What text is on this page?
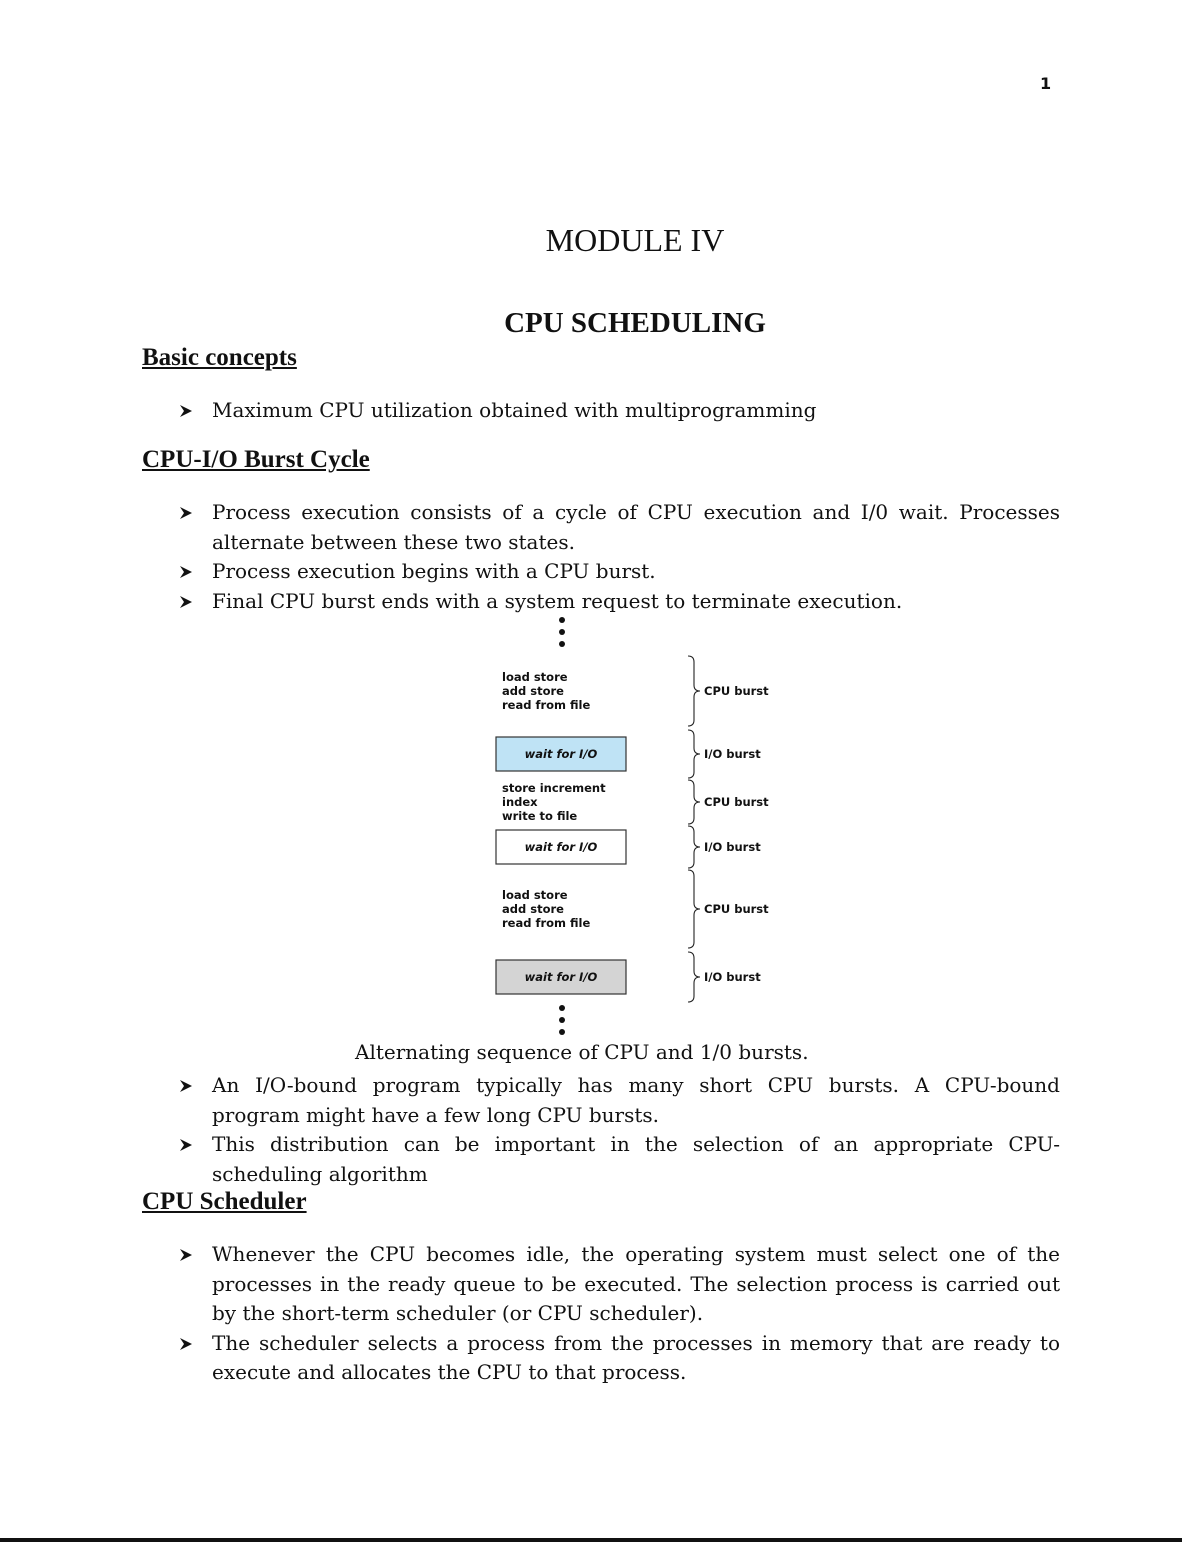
1
MODULE IV
CPU SCHEDULING
Basic concepts
Maximum CPU utilization obtained with multiprogramming
CPU-I/O Burst Cycle
Process execution consists of a cycle of CPU execution and I/0 wait. Processes alternate between these two states.
Process execution begins with a CPU burst.
Final CPU burst ends with a system request to terminate execution.
load store
add store
read from file
CPU burst
wait for I/O	I/O burst
store increment
index
write to file
CPU burst
wait for I/O	I/O burst
load store
add store
read from file
CPU burst
wait for I/O	I/O burst
Alternating sequence of CPU and 1/0 bursts.
An I/O-bound program typically has many short CPU bursts. A CPU-bound program might have a few long CPU bursts.
This distribution can be important in the selection of an appropriate CPU-scheduling algorithm
CPU Scheduler
Whenever the CPU becomes idle, the operating system must select one of the processes in the ready queue to be executed. The selection process is carried out by the short-term scheduler (or CPU scheduler).
The scheduler selects a process from the processes in memory that are ready to execute and allocates the CPU to that process.
